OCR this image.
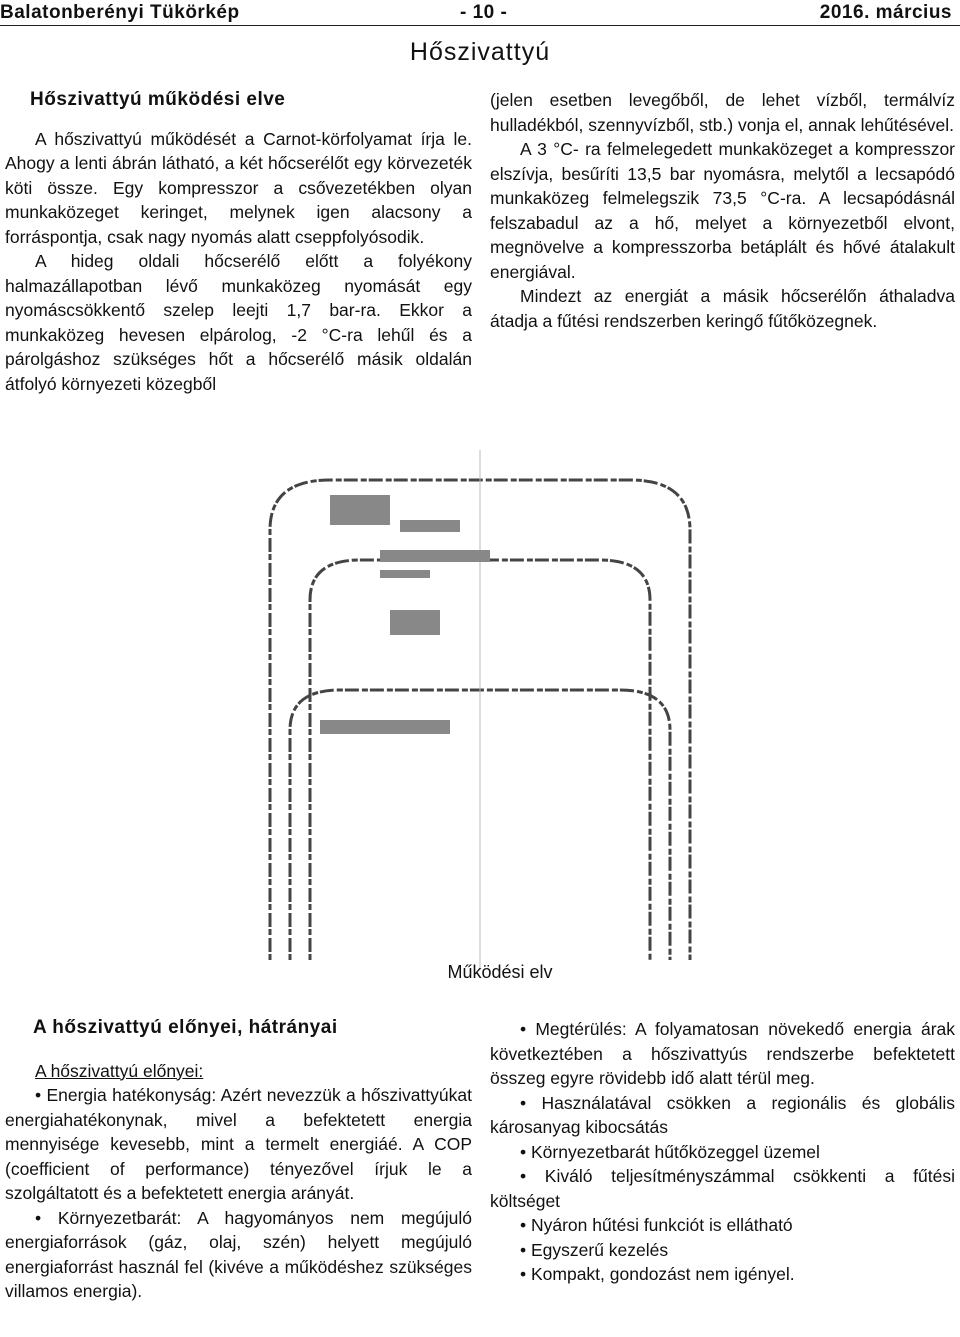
Balatonberényi Tükörkép	- 10 -	2016. március
Hőszivattyú

Hőszivattyú működési elve

A hőszivattyú működését a Carnot-körfolyamat írja le. Ahogy a lenti ábrán látható, a két hőcserélőt egy körvezeték köti össze. Egy kompresszor a csővezetékben olyan munkaközeget keringet, melynek igen alacsony a forráspontja, csak nagy nyomás alatt cseppfolyósodik.

A hideg oldali hőcserélő előtt a folyékony halmazállapotban lévő munkaközeg nyomását egy nyomáscsökkentő szelep leejti 1,7 bar-ra. Ekkor a munkaközeg hevesen elpárolog, -2 °C-ra lehűl és a párolgáshoz szükséges hőt a hőcserélő másik oldalán átfolyó környezeti közegből

(jelen esetben levegőből, de lehet vízből, termálvíz hulladékból, szennyvízből, stb.) vonja el, annak lehűtésével.

A 3 °C- ra felmelegedett munkaközeget a kompresszor elszívja, besűríti 13,5 bar nyomásra, melytől a lecsapódó munkaközeg felmelegszik 73,5 °C-ra. A lecsapódásnál felszabadul az a hő, melyet a környezetből elvont, megnövelve a kompresszorba betáplált és hővé átalakult energiával.

Mindezt az energiát a másik hőcserélőn áthaladva átadja a fűtési rendszerben keringő fűtőközegnek.

Működési elv

A hőszivattyú előnyei, hátrányai

A hőszivattyú előnyei:

• Energia hatékonyság: Azért nevezzük a hőszivattyúkat energiahatékonynak, mivel a befektetett energia mennyisége kevesebb, mint a termelt energiáé. A COP (coefficient of performance) tényezővel írjuk le a szolgáltatott és a befektetett energia arányát.

• Környezetbarát: A hagyományos nem megújuló energiaforrások (gáz, olaj, szén) helyett megújuló energiaforrást használ fel (kivéve a működéshez szükséges villamos energia).

• Megtérülés: A folyamatosan növekedő energia árak következtében a hőszivattyús rendszerbe befektetett összeg egyre rövidebb idő alatt térül meg.

• Használatával csökken a regionális és globális károsanyag kibocsátás

• Környezetbarát hűtőközeggel üzemel

• Kiváló teljesítményszámmal csökkenti a fűtési költséget

• Nyáron hűtési funkciót is ellátható

• Egyszerű kezelés

• Kompakt, gondozást nem igényel.
